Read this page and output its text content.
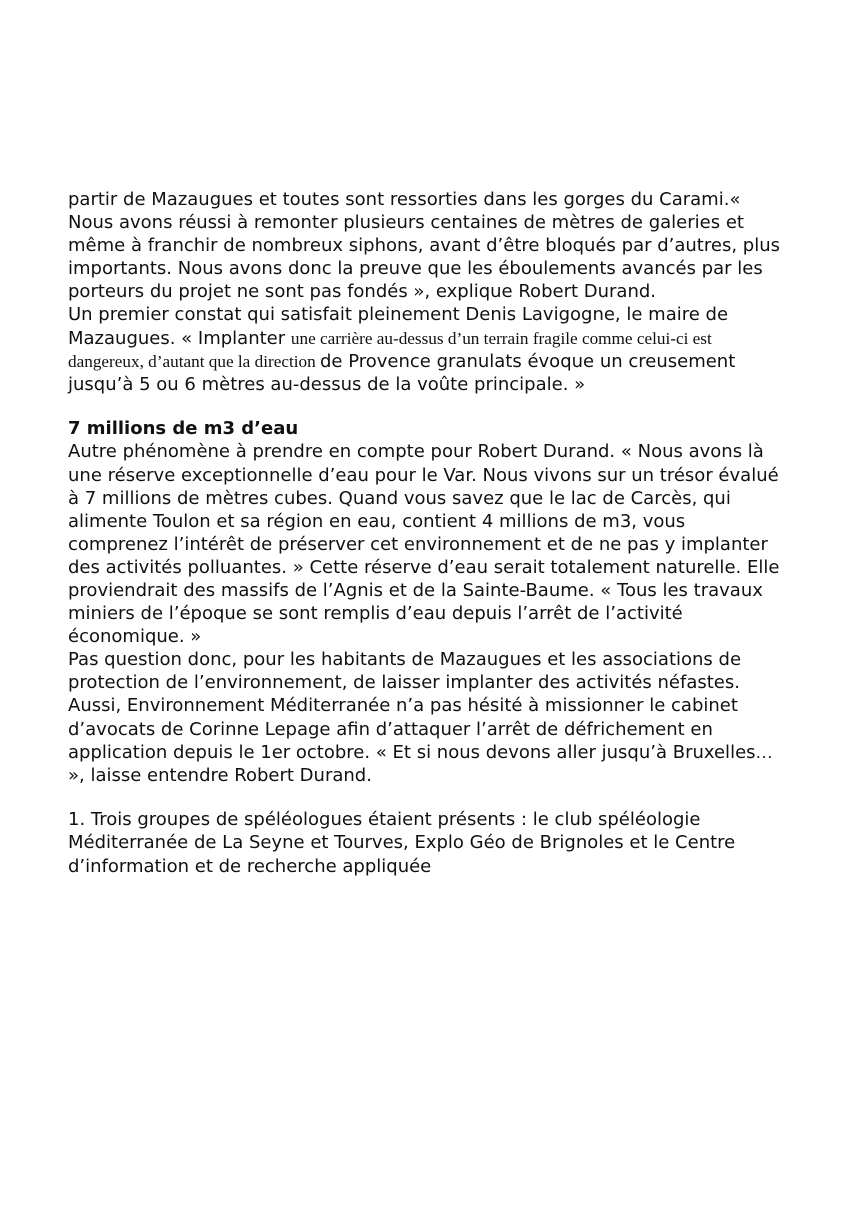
partir de Mazaugues et toutes sont ressorties dans les gorges du Carami.«
Nous avons réussi à remonter plusieurs centaines de mètres de galeries et
même à franchir de nombreux siphons, avant d’être bloqués par d’autres, plus
importants. Nous avons donc la preuve que les éboulements avancés par les
porteurs du projet ne sont pas fondés », explique Robert Durand.
Un premier constat qui satisfait pleinement Denis Lavigogne, le maire de
Mazaugues. « Implanter une carrière au-dessus d’un terrain fragile comme celui-ci est
dangereux, d’autant que la direction de Provence granulats évoque un creusement
jusqu’à 5 ou 6 mètres au-dessus de la voûte principale. »
7 millions de m3 d’eau
Autre phénomène à prendre en compte pour Robert Durand. « Nous avons là
une réserve exceptionnelle d’eau pour le Var. Nous vivons sur un trésor évalué
à 7 millions de mètres cubes. Quand vous savez que le lac de Carcès, qui
alimente Toulon et sa région en eau, contient 4 millions de m3, vous
comprenez l’intérêt de préserver cet environnement et de ne pas y implanter
des activités polluantes. » Cette réserve d’eau serait totalement naturelle. Elle
proviendrait des massifs de l’Agnis et de la Sainte-Baume. « Tous les travaux
miniers de l’époque se sont remplis d’eau depuis l’arrêt de l’activité
économique. »
Pas question donc, pour les habitants de Mazaugues et les associations de
protection de l’environnement, de laisser implanter des activités néfastes.
Aussi, Environnement Méditerranée n’a pas hésité à missionner le cabinet
d’avocats de Corinne Lepage afin d’attaquer l’arrêt de défrichement en
application depuis le 1er octobre. « Et si nous devons aller jusqu’à Bruxelles…
», laisse entendre Robert Durand.
1. Trois groupes de spéléologues étaient présents : le club spéléologie
Méditerranée de La Seyne et Tourves, Explo Géo de Brignoles et le Centre
d’information et de recherche appliquée
